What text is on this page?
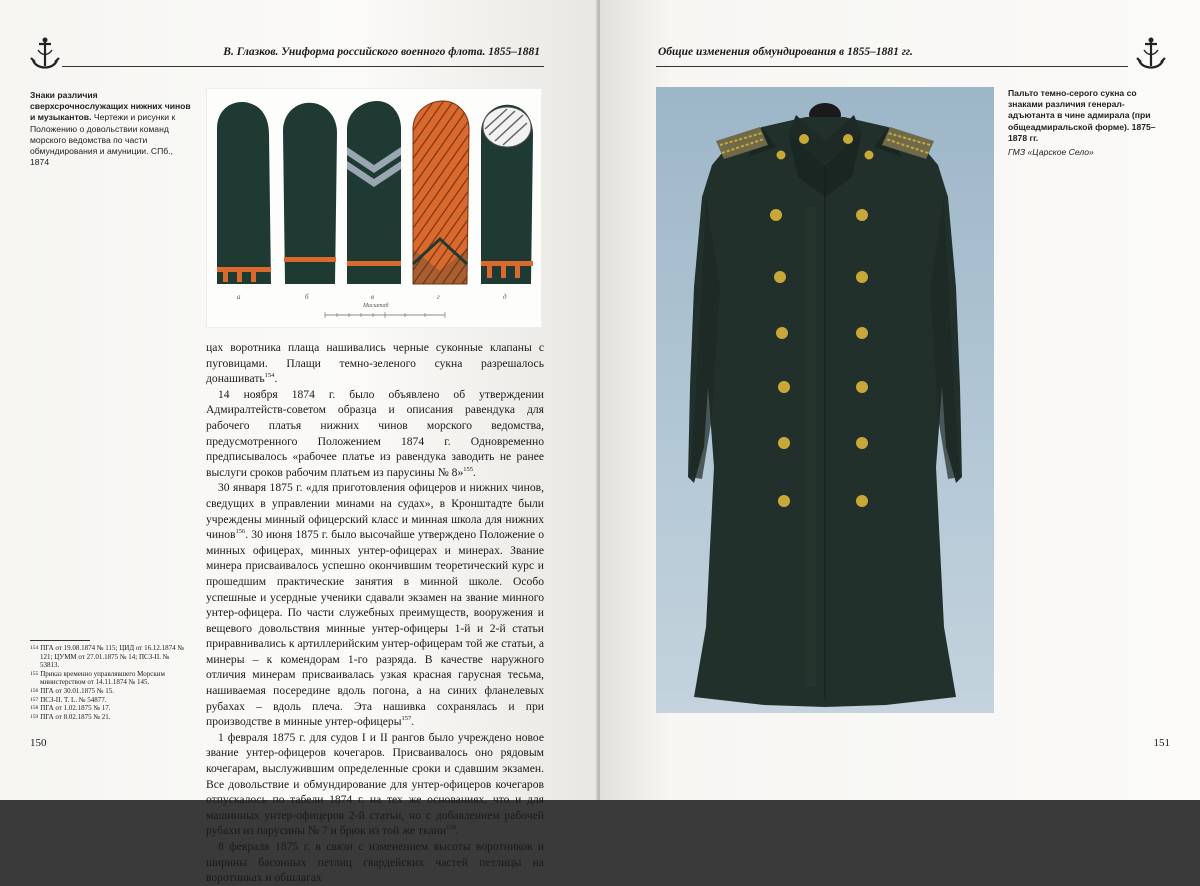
В. Глазков. Униформа российского военного флота. 1855–1881
Знаки различия сверхсрочнослужащих нижних чинов и музыкантов. Чертежи и рисунки к Положению о довольствии команд морского ведомства по части обмундирования и амуниции. СПб., 1874
а	б	в	г	д
Масштаб

цах воротника плаща нашивались черные суконные клапаны с пуговицами. Плащи темно-зеленого сукна разрешалось донашивать$^{154}$.

14 ноября 1874 г. было объявлено об утверждении Адмиралтейств-советом образца и описания равендука для рабочего платья нижних чинов морского ведомства, предусмотренного Положением 1874 г. Одновременно предписывалось «рабочее платье из равендука заводить не ранее выслуги сроков рабочим платьем из парусины № 8»$^{155}$.

30 января 1875 г. «для приготовления офицеров и нижних чинов, сведущих в управлении минами на судах», в Кронштадте были учреждены минный офицерский класс и минная школа для нижних чинов$^{156}$. 30 июня 1875 г. было высочайше утверждено Положение о минных офицерах, минных унтер-офицерах и минерах. Звание минера присваивалось успешно окончившим теоретический курс и прошедшим практические занятия в минной школе. Особо успешные и усердные ученики сдавали экзамен на звание минного унтер-офицера. По части служебных преимуществ, вооружения и вещевого довольствия минные унтер-офицеры 1-й и 2-й статьи приравнивались к артиллерийским унтер-офицерам той же статьи, а минеры – к комендорам 1-го разряда. В качестве наружного отличия минерам присваивалась узкая красная гарусная тесьма, нашиваемая посередине вдоль погона, а на синих фланелевых рубахах – вдоль плеча. Эта нашивка сохранялась и при производстве в минные унтер-офицеры$^{157}$.

1 февраля 1875 г. для судов I и II рангов было учреждено новое звание унтер-офицеров кочегаров. Присваивалось оно рядовым кочегарам, выслужившим определенные сроки и сдавшим экзамен. Все довольствие и обмундирование для унтер-офицеров кочегаров отпускалось по табели 1874 г. на тех же основаниях, что и для машинных унтер-офицеров 2-й статьи, но с добавлением рабочей рубахи из парусины № 7 и брюк из той же ткани$^{158}$.

8 февраля 1875 г. в связи с изменением высоты воротников и ширины басонных петлиц гвардейских частей петлицы на воротниках и обшлагах

$^{154}$ ПГА от 19.08.1874 № 115; ЦИД от 16.12.1874 № 121; ЦУММ от 27.01.1875 № 14; ПСЗ-II. № 53813.
$^{155}$ Приказ временно управлявшего Морским министерством от 14.11.1874 № 145.
$^{156}$ ПГА от 30.01.1875 № 15.
$^{157}$ ПСЗ-II. Т. L. № 54877.
$^{158}$ ПГА от 1.02.1875 № 17.
$^{159}$ ПГА от 8.02.1875 № 21.
150
Общие изменения обмундирования в 1855–1881 гг.
Пальто темно-серого сукна со знаками различия генерал-адъютанта в чине адмирала (при общеадмиральской форме). 1875–1878 гг.
ГМЗ «Царское Село»
151
